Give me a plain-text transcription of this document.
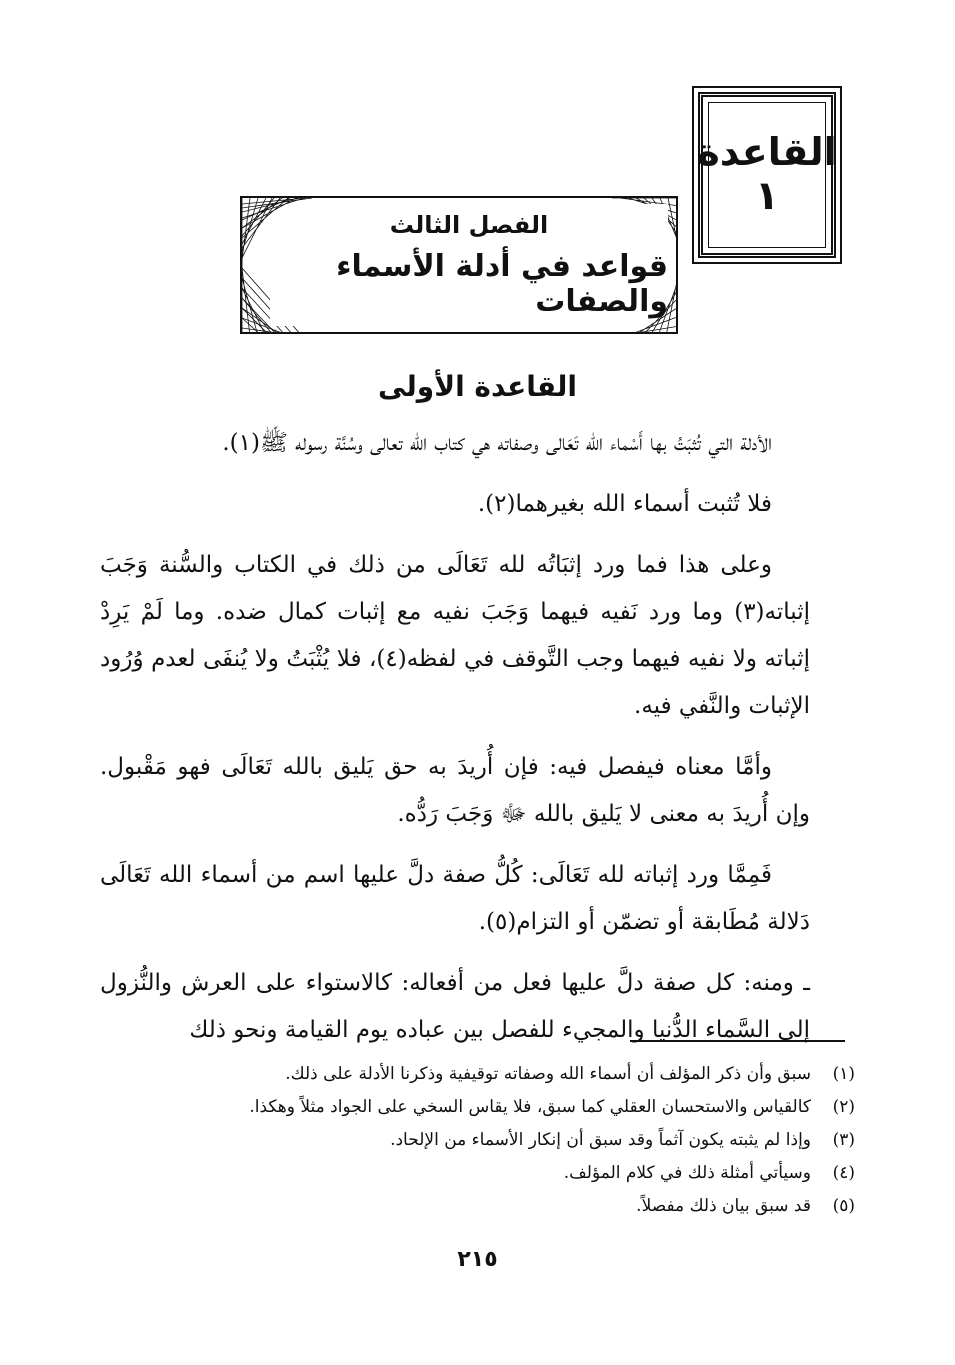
القاعدة
١
الفصل الثالث
قواعد في أدلة الأسماء والصفات
القاعدة الأولى

الأدلة التي تُثبَتُ بها أَسْماء الله تَعَالى وصفاته هي كتاب الله تعالى وسُنَّة رسوله ﷺ(١).

فلا تُثبت أسماء الله بغيرهما(٢).

وعلى هذا فما ورد إثبَاتُه لله تَعَالَى من ذلك في الكتاب والسُّنة وَجَبَ إثباته(٣) وما ورد نَفيه فيهما وَجَبَ نفيه مع إثبات كمال ضده. وما لَمْ يَرِدْ إثباته ولا نفيه فيهما وجب التَّوقف في لفظه(٤)، فلا يُثْبَتُ ولا يُنفَى لعدم وُرُود الإثبات والنَّفي فيه.

وأمَّا معناه فيفصل فيه: فإن أُريدَ به حق يَليق بالله تَعَالَى فهو مَقْبول. وإن أُريدَ به معنى لا يَليق بالله ﷻ وَجَبَ رَدُّه.

فَمِمَّا ورد إثباته لله تَعَالَى: كُلُّ صفة دلَّ عليها اسم من أسماء الله تَعَالَى دَلالة مُطَابقة أو تضمّن أو التزام(٥).

ـ ومنه: كل صفة دلَّ عليها فعل من أفعاله: كالاستواء على العرش والنُّزول إلى السَّماء الدُّنيا والمجيء للفصل بين عباده يوم القيامة ونحو ذلك

(١)
سبق وأن ذكر المؤلف أن أسماء الله وصفاته توقيفية وذكرنا الأدلة على ذلك.
(٢)
كالقياس والاستحسان العقلي كما سبق، فلا يقاس السخي على الجواد مثلاً وهكذا.
(٣)
وإذا لم يثبته يكون آثماً وقد سبق أن إنكار الأسماء من الإلحاد.
(٤)
وسيأتي أمثلة ذلك في كلام المؤلف.
(٥)
قد سبق بيان ذلك مفصلاً.
٢١٥
